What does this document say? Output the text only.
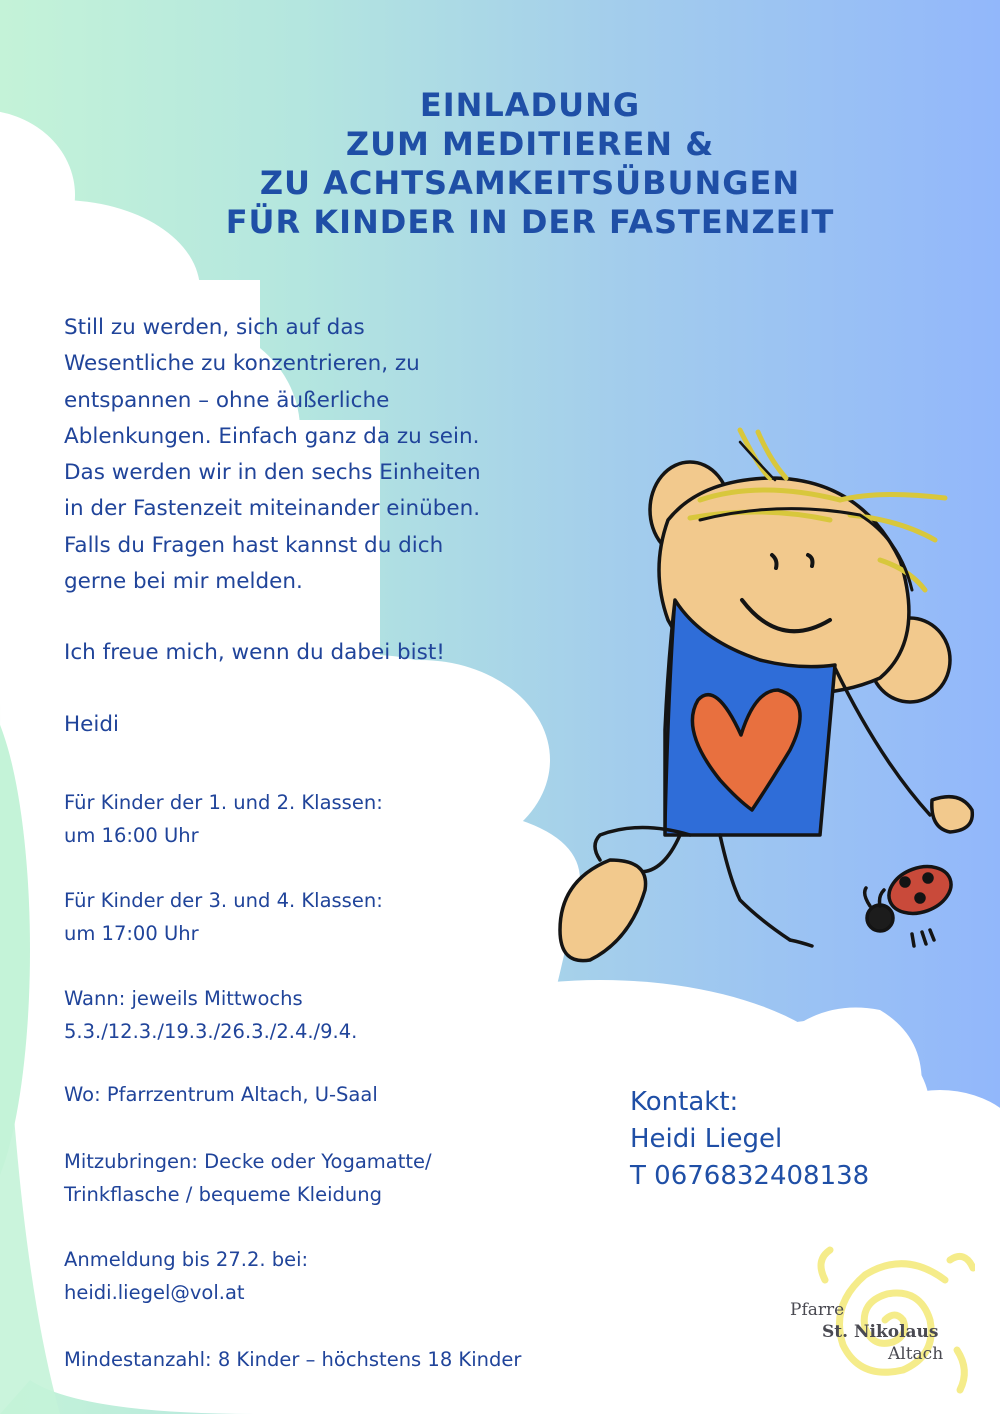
EINLADUNG
ZUM MEDITIEREN &
ZU ACHTSAMKEITSÜBUNGEN
FÜR KINDER IN DER FASTENZEIT
Still zu werden, sich auf das
Wesentliche zu konzentrieren, zu
entspannen – ohne äußerliche
Ablenkungen. Einfach ganz da zu sein.
Das werden wir in den sechs Einheiten
in der Fastenzeit miteinander einüben.
Falls du Fragen hast kannst du dich
gerne bei mir melden.
Ich freue mich, wenn du dabei bist!
Heidi
Für Kinder der 1. und 2. Klassen:
um 16:00 Uhr
Für Kinder der 3. und 4. Klassen:
um 17:00 Uhr
Wann: jeweils Mittwochs
5.3./12.3./19.3./26.3./2.4./9.4.
Wo: Pfarrzentrum Altach, U-Saal
Mitzubringen: Decke oder Yogamatte/
Trinkflasche / bequeme Kleidung
Anmeldung bis 27.2. bei:
heidi.liegel@vol.at
Mindestanzahl: 8 Kinder – höchstens 18 Kinder
Kontakt:
Heidi Liegel
T 0676832408138
Pfarre
St. Nikolaus
Altach
